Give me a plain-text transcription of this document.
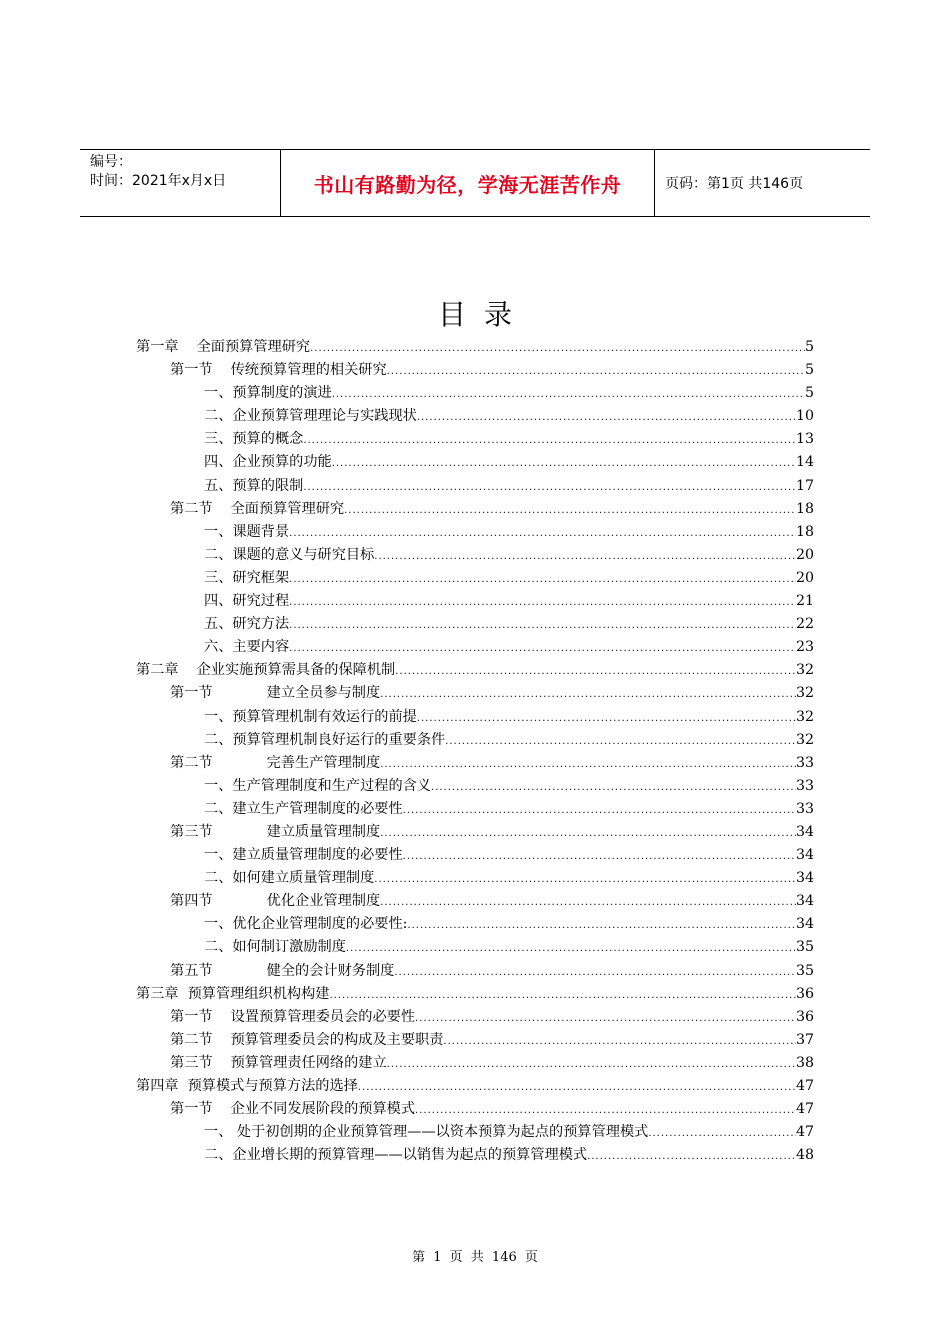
编号：
时间：2021年x月x日	书山有路勤为径，学海无涯苦作舟	页码：第1页 共146页
目录
第一章    全面预算管理研究 .....	5
第一节    传统预算管理的相关研究 .....	5
一、预算制度的演进 .....	5
二、企业预算管理理论与实践现状 .....	10
三、预算的概念 .....	13
四、企业预算的功能 .....	14
五、预算的限制 .....	17
第二节    全面预算管理研究 .....	18
一、课题背景 .....	18
二、课题的意义与研究目标 .....	20
三、研究框架 .....	20
四、研究过程 .....	21
五、研究方法 .....	22
六、主要内容 .....	23
第二章    企业实施预算需具备的保障机制 .....	32
第一节            建立全员参与制度 .....	32
一、预算管理机制有效运行的前提 .....	32
二、预算管理机制良好运行的重要条件 .....	32
第二节            完善生产管理制度 .....	33
一、生产管理制度和生产过程的含义 .....	33
二、建立生产管理制度的必要性 .....	33
第三节            建立质量管理制度 .....	34
一、建立质量管理制度的必要性 .....	34
二、如何建立质量管理制度 .....	34
第四节            优化企业管理制度 .....	34
一、优化企业管理制度的必要性: .....	34
二、如何制订激励制度 .....	35
第五节            健全的会计财务制度 .....	35
第三章  预算管理组织机构构建 .....	36
第一节    设置预算管理委员会的必要性 .....	36
第二节    预算管理委员会的构成及主要职责 .....	37
第三节    预算管理责任网络的建立 .....	38
第四章  预算模式与预算方法的选择 .....	47
第一节    企业不同发展阶段的预算模式 .....	47
一、 处于初创期的企业预算管理——以资本预算为起点的预算管理模式 .....	47
二、企业增长期的预算管理——以销售为起点的预算管理模式 .....	48
第 1 页 共 146 页
